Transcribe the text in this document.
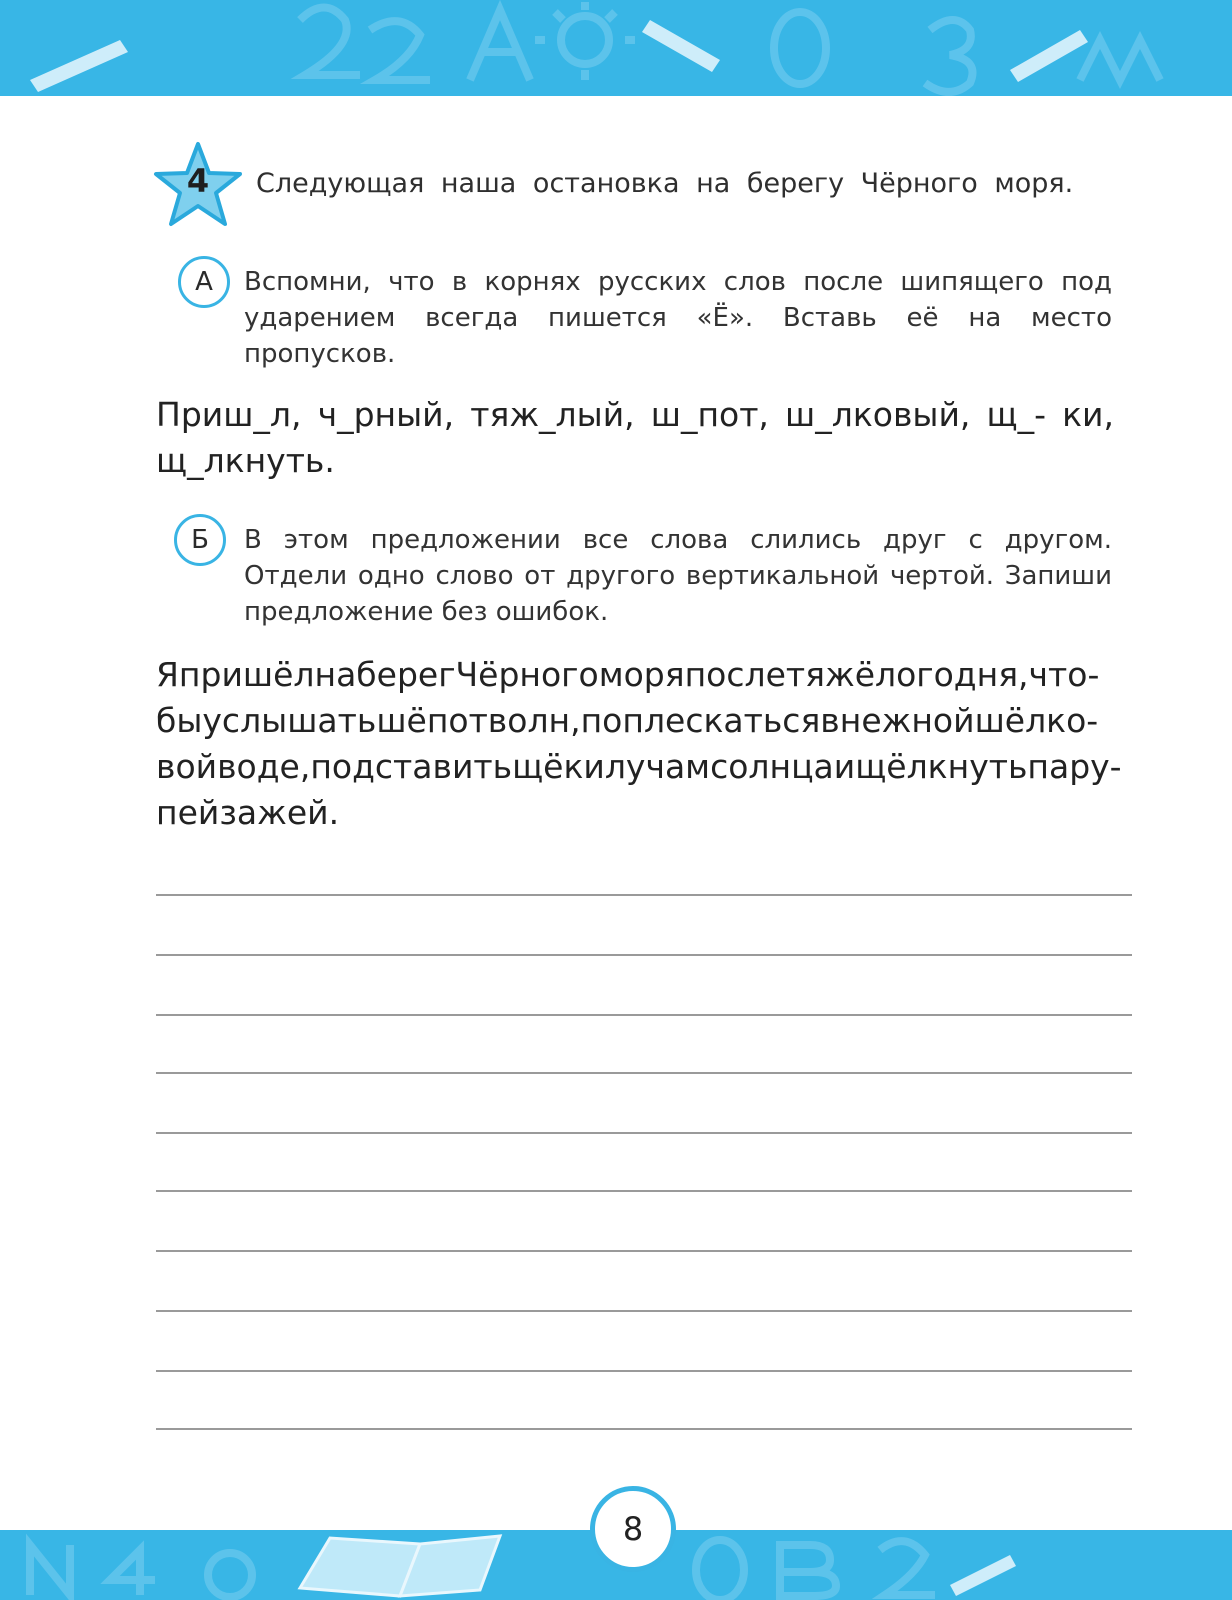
4	Следующая наша остановка на берегу Чёрного моря.
А	Вспомни, что в корнях русских слов после шипящего под ударением всегда пишется «Ё». Вставь её на место пропусков.
Приш_л, ч_рный, тяж_лый, ш_пот, ш_лковый, щ_- ки, щ_лкнуть.
Б	В этом предложении все слова слились друг с другом. Отдели одно слово от другого вертикальной чертой. Запиши предложение без ошибок.
ЯпришёлнаберегЧёрногоморяпослетяжёлогодня,что-
быуслышатьшёпотволн,поплескатьсявнежнойшёлко-
войводе,подставитьщёкилучамсолнцаищёлкнутьпару-
пейзажей.
8
